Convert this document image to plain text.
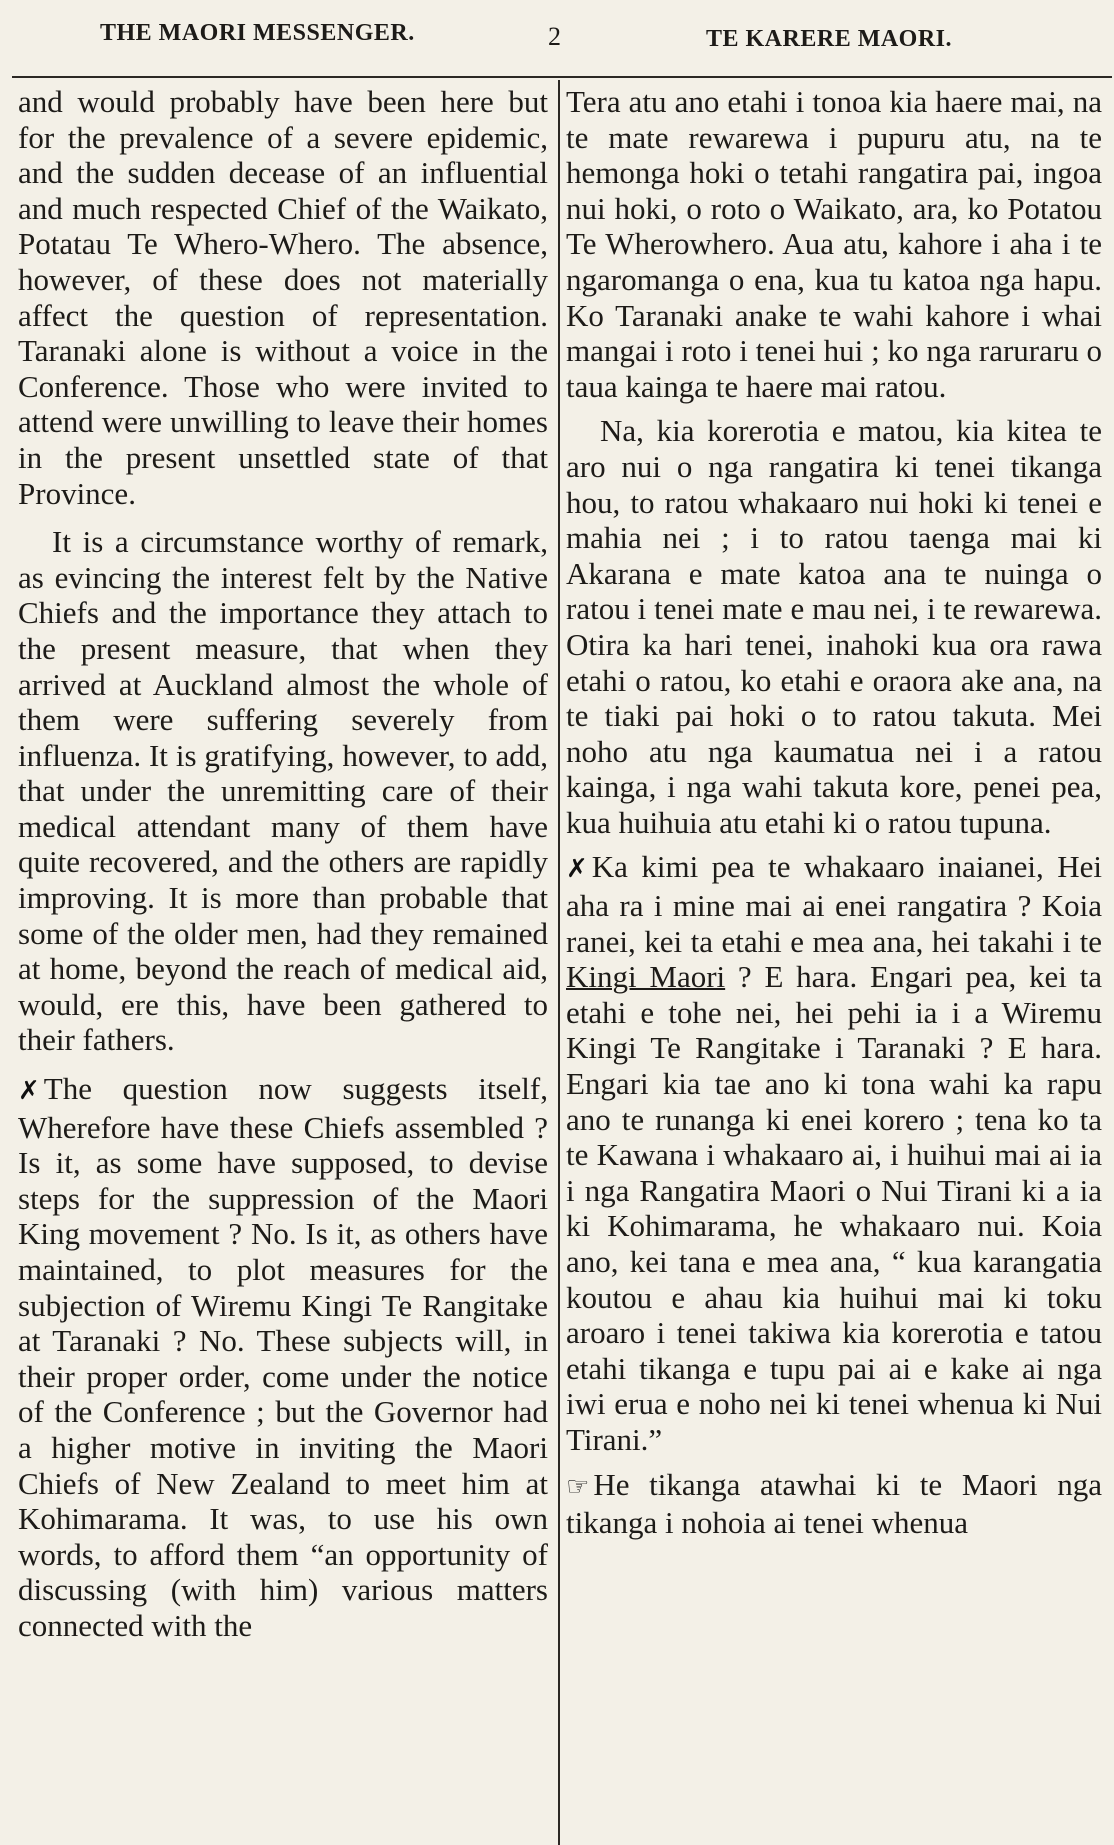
THE MAORI MESSENGER.	2	TE KARERE MAORI.

and would probably have been here but for the prevalence of a severe epidemic, and the sudden decease of an influential and much respected Chief of the Waikato, Potatau Te Whero-Whero. The absence, however, of these does not materially affect the question of representation. Taranaki alone is without a voice in the Conference. Those who were invited to attend were unwilling to leave their homes in the present unsettled state of that Province.

It is a circumstance worthy of remark, as evincing the interest felt by the Native Chiefs and the importance they attach to the present measure, that when they arrived at Auckland almost the whole of them were suffering severely from influenza. It is gratifying, however, to add, that under the unremitting care of their medical attendant many of them have quite recovered, and the others are rapidly improving. It is more than probable that some of the older men, had they remained at home, beyond the reach of medical aid, would, ere this, have been gathered to their fathers.

✗ The question now suggests itself, Wherefore have these Chiefs assembled ? Is it, as some have supposed, to devise steps for the suppression of the Maori King movement ? No. Is it, as others have maintained, to plot measures for the subjection of Wiremu Kingi Te Rangitake at Taranaki ? No. These subjects will, in their proper order, come under the notice of the Conference ; but the Governor had a higher motive in inviting the Maori Chiefs of New Zealand to meet him at Kohimarama. It was, to use his own words, to afford them “an opportunity of discussing (with him) various matters connected with the

Tera atu ano etahi i tonoa kia haere mai, na te mate rewarewa i pupuru atu, na te hemonga hoki o tetahi rangatira pai, ingoa nui hoki, o roto o Waikato, ara, ko Potatou Te Wherowhero. Aua atu, kahore i aha i te ngaromanga o ena, kua tu katoa nga hapu. Ko Taranaki anake te wahi kahore i whai mangai i roto i tenei hui ; ko nga raruraru o taua kainga te haere mai ratou.

Na, kia korerotia e matou, kia kitea te aro nui o nga rangatira ki tenei tikanga hou, to ratou whakaaro nui hoki ki tenei e mahia nei ; i to ratou taenga mai ki Akarana e mate katoa ana te nuinga o ratou i tenei mate e mau nei, i te rewarewa. Otira ka hari tenei, inahoki kua ora rawa etahi o ratou, ko etahi e oraora ake ana, na te tiaki pai hoki o to ratou takuta. Mei noho atu nga kaumatua nei i a ratou kainga, i nga wahi takuta kore, penei pea, kua huihuia atu etahi ki o ratou tupuna.

✗ Ka kimi pea te whakaaro inaianei, Hei aha ra i mine mai ai enei rangatira ? Koia ranei, kei ta etahi e mea ana, hei takahi i te Kingi Maori ? E hara. Engari pea, kei ta etahi e tohe nei, hei pehi ia i a Wiremu Kingi Te Rangitake i Taranaki ? E hara. Engari kia tae ano ki tona wahi ka rapu ano te runanga ki enei korero ; tena ko ta te Kawana i whakaaro ai, i huihui mai ai ia i nga Rangatira Maori o Nui Tirani ki a ia ki Kohimarama, he whakaaro nui. Koia ano, kei tana e mea ana, “ kua karangatia koutou e ahau kia huihui mai ki toku aroaro i tenei takiwa kia korerotia e tatou etahi tikanga e tupu pai ai e kake ai nga iwi erua e noho nei ki tenei whenua ki Nui Tirani.”

☞ He tikanga atawhai ki te Maori nga tikanga i nohoia ai tenei whenua
